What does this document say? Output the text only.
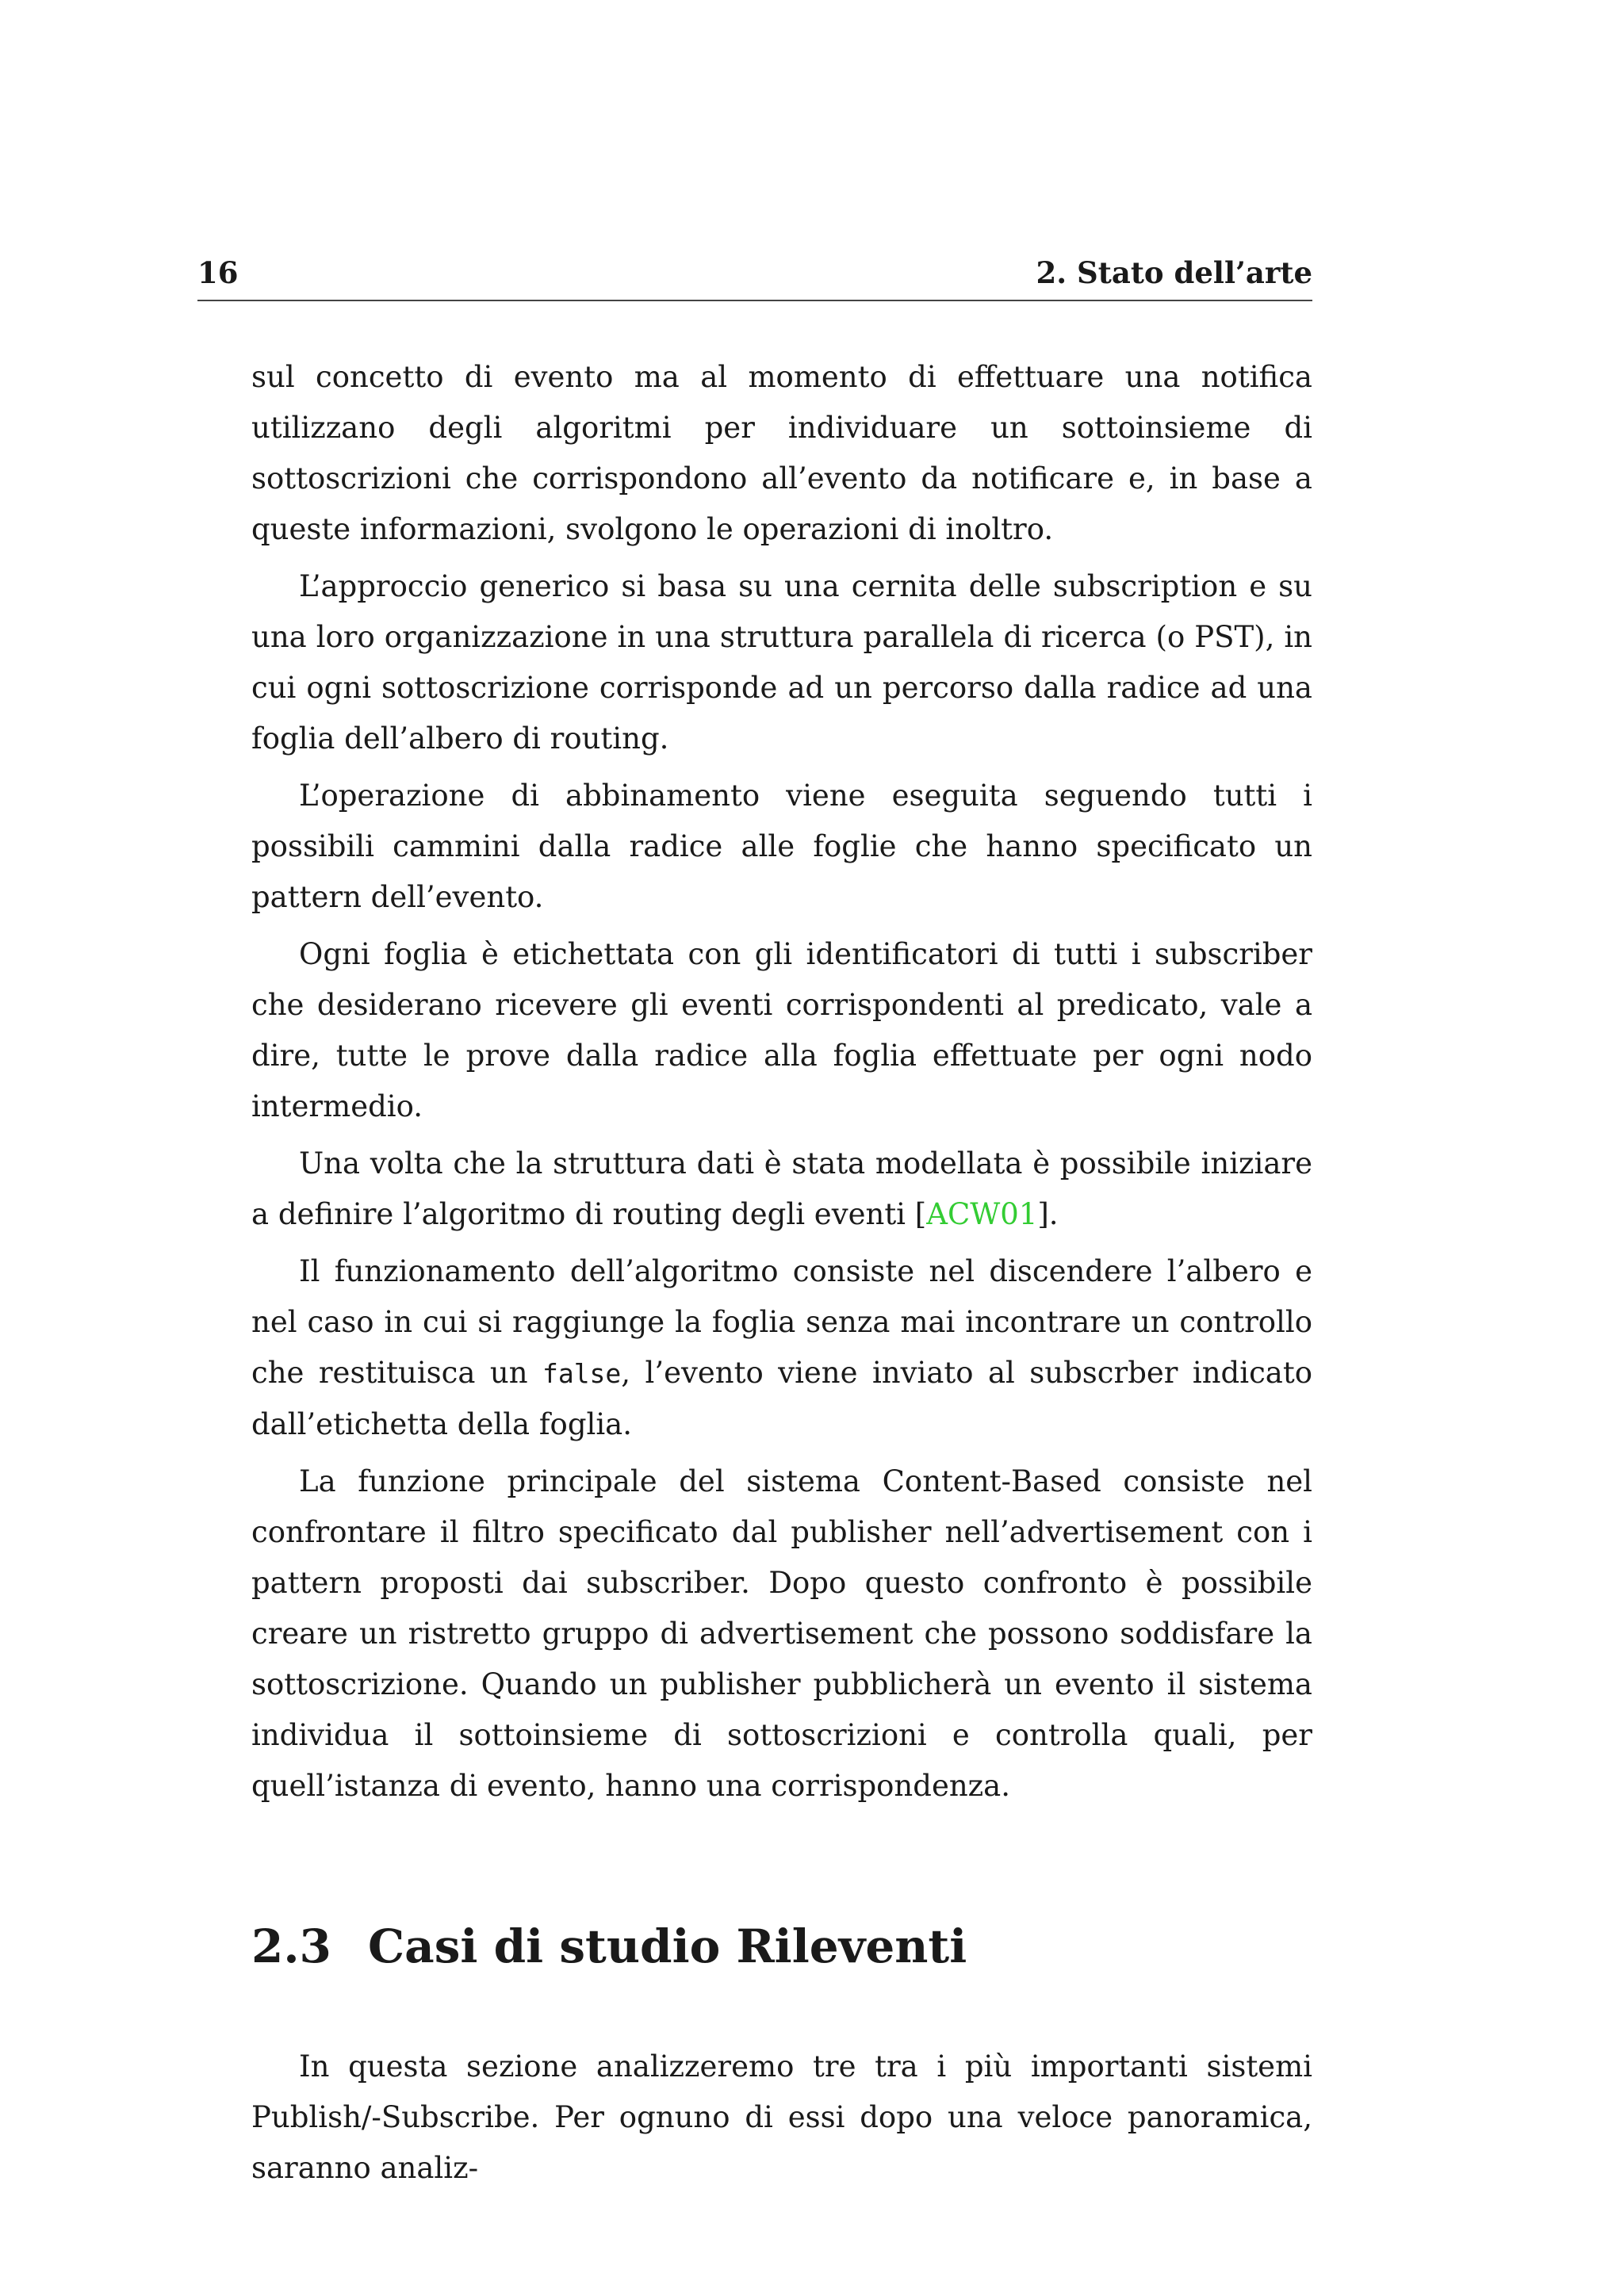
16	2. Stato dell’arte

sul concetto di evento ma al momento di effettuare una notifica utilizzano degli algoritmi per individuare un sottoinsieme di sottoscrizioni che corrispondono all’evento da notificare e, in base a queste informazioni, svolgono le operazioni di inoltro.

L’approccio generico si basa su una cernita delle subscription e su una loro organizzazione in una struttura parallela di ricerca (o PST), in cui ogni sottoscrizione corrisponde ad un percorso dalla radice ad una foglia dell’albero di routing.

L’operazione di abbinamento viene eseguita seguendo tutti i possibili cammini dalla radice alle foglie che hanno specificato un pattern dell’evento.

Ogni foglia è etichettata con gli identificatori di tutti i subscriber che desiderano ricevere gli eventi corrispondenti al predicato, vale a dire, tutte le prove dalla radice alla foglia effettuate per ogni nodo intermedio.

Una volta che la struttura dati è stata modellata è possibile iniziare a definire l’algoritmo di routing degli eventi [ACW01].

Il funzionamento dell’algoritmo consiste nel discendere l’albero e nel caso in cui si raggiunge la foglia senza mai incontrare un controllo che restituisca un false, l’evento viene inviato al subscrber indicato dall’etichetta della foglia.

La funzione principale del sistema Content-Based consiste nel confrontare il filtro specificato dal publisher nell’advertisement con i pattern proposti dai subscriber. Dopo questo confronto è possibile creare un ristretto gruppo di advertisement che possono soddisfare la sottoscrizione. Quando un publisher pubblicherà un evento il sistema individua il sottoinsieme di sottoscrizioni e controlla quali, per quell’istanza di evento, hanno una corrispondenza.

2.3 Casi di studio Rileventi

In questa sezione analizzeremo tre tra i più importanti sistemi Publish/-Subscribe. Per ognuno di essi dopo una veloce panoramica, saranno analiz-
